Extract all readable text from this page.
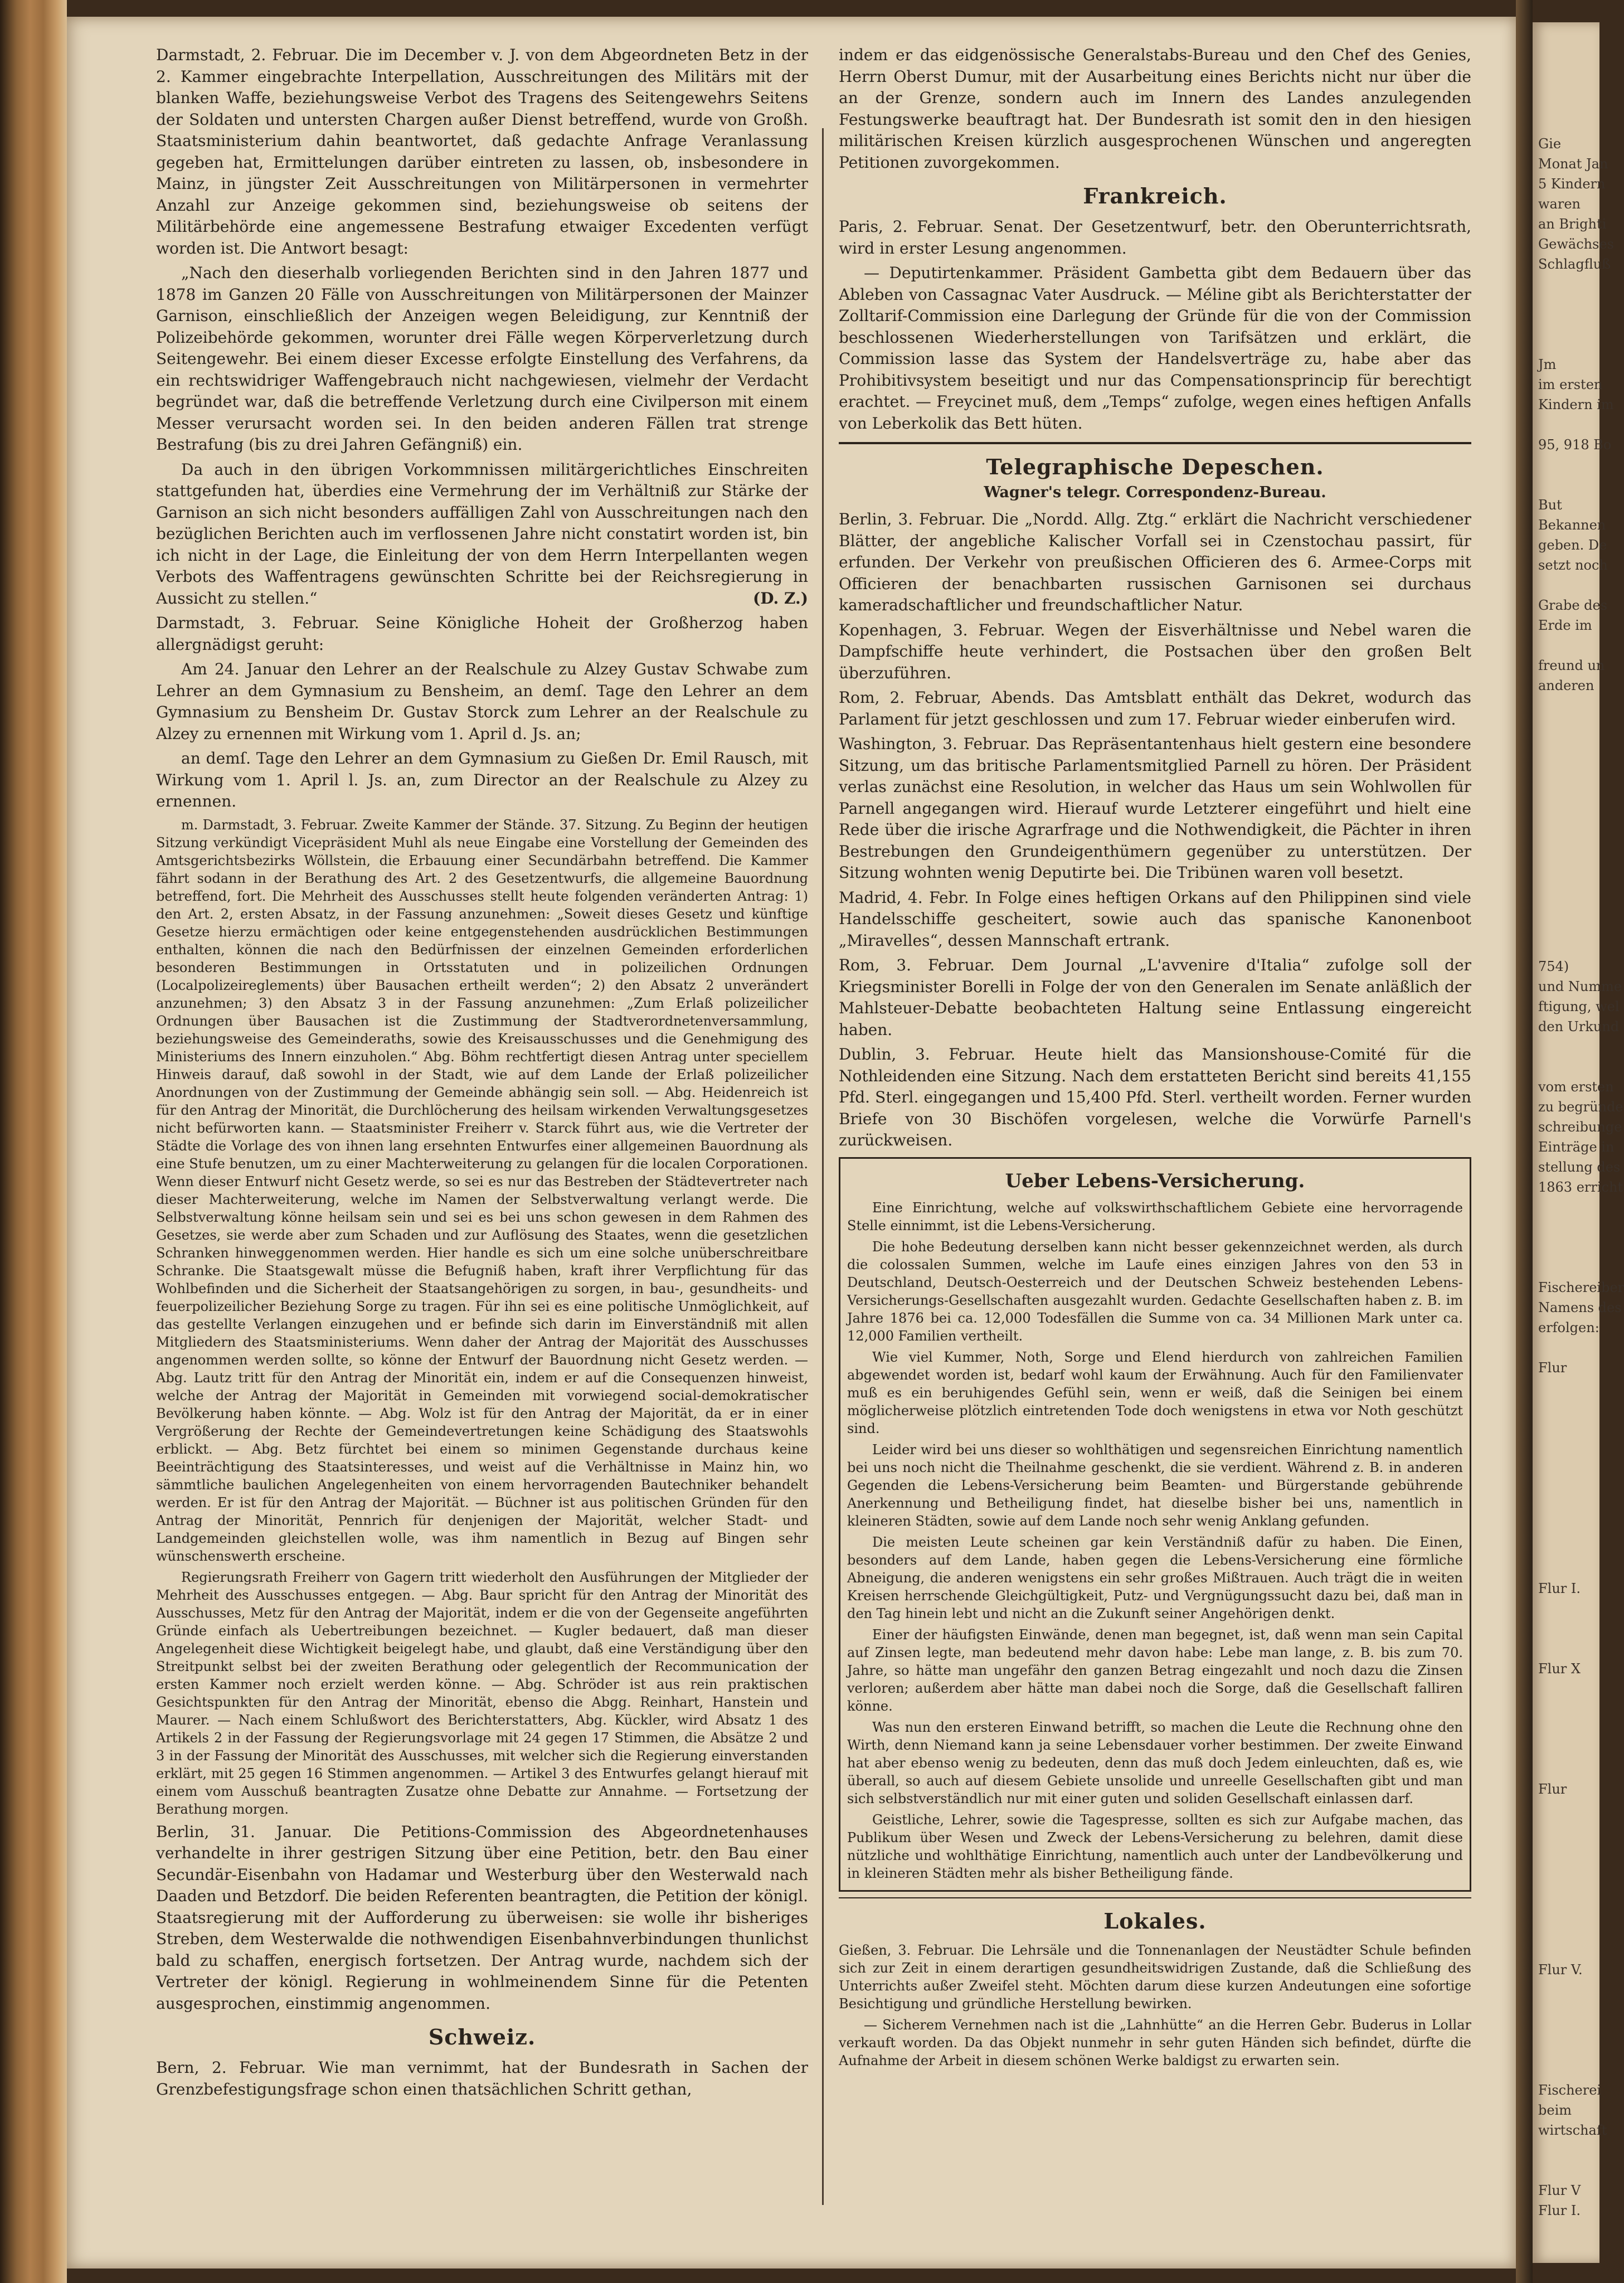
Darmstadt, 2. Februar. Die im December v. J. von dem Abgeordneten Betz in der 2. Kammer eingebrachte Interpellation, Ausschreitungen des Militärs mit der blanken Waffe, beziehungsweise Verbot des Tragens des Seitengewehrs Seitens der Soldaten und untersten Chargen außer Dienst betreffend, wurde von Großh. Staatsministerium dahin beantwortet, daß gedachte Anfrage Veranlassung gegeben hat, Ermittelungen darüber eintreten zu lassen, ob, insbesondere in Mainz, in jüngster Zeit Ausschreitungen von Militärpersonen in vermehrter Anzahl zur Anzeige gekommen sind, beziehungsweise ob seitens der Militärbehörde eine angemessene Bestrafung etwaiger Excedenten verfügt worden ist. Die Antwort besagt:

„Nach den dieserhalb vorliegenden Berichten sind in den Jahren 1877 und 1878 im Ganzen 20 Fälle von Ausschreitungen von Militärpersonen der Mainzer Garnison, einschließlich der Anzeigen wegen Beleidigung, zur Kenntniß der Polizeibehörde gekommen, worunter drei Fälle wegen Körperverletzung durch Seitengewehr. Bei einem dieser Excesse erfolgte Einstellung des Verfahrens, da ein rechtswidriger Waffengebrauch nicht nachgewiesen, vielmehr der Verdacht begründet war, daß die betreffende Verletzung durch eine Civilperson mit einem Messer verursacht worden sei. In den beiden anderen Fällen trat strenge Bestrafung (bis zu drei Jahren Gefängniß) ein.

Da auch in den übrigen Vorkommnissen militärgerichtliches Einschreiten stattgefunden hat, überdies eine Vermehrung der im Verhältniß zur Stärke der Garnison an sich nicht besonders auffälligen Zahl von Ausschreitungen nach den bezüglichen Berichten auch im verflossenen Jahre nicht constatirt worden ist, bin ich nicht in der Lage, die Einleitung der von dem Herrn Interpellanten wegen Verbots des Waffentragens gewünschten Schritte bei der Reichsregierung in Aussicht zu stellen.“	(D. Z.)

Darmstadt, 3. Februar. Seine Königliche Hoheit der Großherzog haben allergnädigst geruht:

Am 24. Januar den Lehrer an der Realschule zu Alzey Gustav Schwabe zum Lehrer an dem Gymnasium zu Bensheim, an demſ. Tage den Lehrer an dem Gymnasium zu Bensheim Dr. Gustav Storck zum Lehrer an der Realschule zu Alzey zu ernennen mit Wirkung vom 1. April d. Js. an;

an demſ. Tage den Lehrer an dem Gymnasium zu Gießen Dr. Emil Rausch, mit Wirkung vom 1. April l. Js. an, zum Director an der Realschule zu Alzey zu ernennen.

m. Darmstadt, 3. Februar. Zweite Kammer der Stände. 37. Sitzung. Zu Beginn der heutigen Sitzung verkündigt Vicepräsident Muhl als neue Eingabe eine Vorstellung der Gemeinden des Amtsgerichtsbezirks Wöllstein, die Erbauung einer Secundärbahn betreffend. Die Kammer fährt sodann in der Berathung des Art. 2 des Gesetzentwurfs, die allgemeine Bauordnung betreffend, fort. Die Mehrheit des Ausschusses stellt heute folgenden veränderten Antrag: 1) den Art. 2, ersten Absatz, in der Fassung anzunehmen: „Soweit dieses Gesetz und künftige Gesetze hierzu ermächtigen oder keine entgegenstehenden ausdrücklichen Bestimmungen enthalten, können die nach den Bedürfnissen der einzelnen Gemeinden erforderlichen besonderen Bestimmungen in Ortsstatuten und in polizeilichen Ordnungen (Localpolizeireglements) über Bausachen ertheilt werden“; 2) den Absatz 2 unverändert anzunehmen; 3) den Absatz 3 in der Fassung anzunehmen: „Zum Erlaß polizeilicher Ordnungen über Bausachen ist die Zustimmung der Stadtverordnetenversammlung, beziehungsweise des Gemeinderaths, sowie des Kreisausschusses und die Genehmigung des Ministeriums des Innern einzuholen.“ Abg. Böhm rechtfertigt diesen Antrag unter speciellem Hinweis darauf, daß sowohl in der Stadt, wie auf dem Lande der Erlaß polizeilicher Anordnungen von der Zustimmung der Gemeinde abhängig sein soll. — Abg. Heidenreich ist für den Antrag der Minorität, die Durchlöcherung des heilsam wirkenden Verwaltungsgesetzes nicht befürworten kann. — Staatsminister Freiherr v. Starck führt aus, wie die Vertreter der Städte die Vorlage des von ihnen lang ersehnten Entwurfes einer allgemeinen Bauordnung als eine Stufe benutzen, um zu einer Machterweiterung zu gelangen für die localen Corporationen. Wenn dieser Entwurf nicht Gesetz werde, so sei es nur das Bestreben der Städtevertreter nach dieser Machterweiterung, welche im Namen der Selbstverwaltung verlangt werde. Die Selbstverwaltung könne heilsam sein und sei es bei uns schon gewesen in dem Rahmen des Gesetzes, sie werde aber zum Schaden und zur Auflösung des Staates, wenn die gesetzlichen Schranken hinweggenommen werden. Hier handle es sich um eine solche unüberschreitbare Schranke. Die Staatsgewalt müsse die Befugniß haben, kraft ihrer Verpflichtung für das Wohlbefinden und die Sicherheit der Staatsangehörigen zu sorgen, in bau-, gesundheits- und feuerpolizeilicher Beziehung Sorge zu tragen. Für ihn sei es eine politische Unmöglichkeit, auf das gestellte Verlangen einzugehen und er befinde sich darin im Einverständniß mit allen Mitgliedern des Staatsministeriums. Wenn daher der Antrag der Majorität des Ausschusses angenommen werden sollte, so könne der Entwurf der Bauordnung nicht Gesetz werden. — Abg. Lautz tritt für den Antrag der Minorität ein, indem er auf die Consequenzen hinweist, welche der Antrag der Majorität in Gemeinden mit vorwiegend social-demokratischer Bevölkerung haben könnte. — Abg. Wolz ist für den Antrag der Majorität, da er in einer Vergrößerung der Rechte der Gemeindevertretungen keine Schädigung des Staatswohls erblickt. — Abg. Betz fürchtet bei einem so minimen Gegenstande durchaus keine Beeinträchtigung des Staatsinteresses, und weist auf die Verhältnisse in Mainz hin, wo sämmtliche baulichen Angelegenheiten von einem hervorragenden Bautechniker behandelt werden. Er ist für den Antrag der Majorität. — Büchner ist aus politischen Gründen für den Antrag der Minorität, Pennrich für denjenigen der Majorität, welcher Stadt- und Landgemeinden gleichstellen wolle, was ihm namentlich in Bezug auf Bingen sehr wünschenswerth erscheine.

Regierungsrath Freiherr von Gagern tritt wiederholt den Ausführungen der Mitglieder der Mehrheit des Ausschusses entgegen. — Abg. Baur spricht für den Antrag der Minorität des Ausschusses, Metz für den Antrag der Majorität, indem er die von der Gegenseite angeführten Gründe einfach als Uebertreibungen bezeichnet. — Kugler bedauert, daß man dieser Angelegenheit diese Wichtigkeit beigelegt habe, und glaubt, daß eine Verständigung über den Streitpunkt selbst bei der zweiten Berathung oder gelegentlich der Recommunication der ersten Kammer noch erzielt werden könne. — Abg. Schröder ist aus rein praktischen Gesichtspunkten für den Antrag der Minorität, ebenso die Abgg. Reinhart, Hanstein und Maurer. — Nach einem Schlußwort des Berichterstatters, Abg. Kückler, wird Absatz 1 des Artikels 2 in der Fassung der Regierungsvorlage mit 24 gegen 17 Stimmen, die Absätze 2 und 3 in der Fassung der Minorität des Ausschusses, mit welcher sich die Regierung einverstanden erklärt, mit 25 gegen 16 Stimmen angenommen. — Artikel 3 des Entwurfes gelangt hierauf mit einem vom Ausschuß beantragten Zusatze ohne Debatte zur Annahme. — Fortsetzung der Berathung morgen.

Berlin, 31. Januar. Die Petitions-Commission des Abgeordnetenhauses verhandelte in ihrer gestrigen Sitzung über eine Petition, betr. den Bau einer Secundär-Eisenbahn von Hadamar und Westerburg über den Westerwald nach Daaden und Betzdorf. Die beiden Referenten beantragten, die Petition der königl. Staatsregierung mit der Aufforderung zu überweisen: sie wolle ihr bisheriges Streben, dem Westerwalde die nothwendigen Eisenbahnverbindungen thunlichst bald zu schaffen, energisch fortsetzen. Der Antrag wurde, nachdem sich der Vertreter der königl. Regierung in wohlmeinendem Sinne für die Petenten ausgesprochen, einstimmig angenommen.

Schweiz.

Bern, 2. Februar. Wie man vernimmt, hat der Bundesrath in Sachen der Grenzbefestigungsfrage schon einen thatsächlichen Schritt gethan,

indem er das eidgenössische Generalstabs-Bureau und den Chef des Genies, Herrn Oberst Dumur, mit der Ausarbeitung eines Berichts nicht nur über die an der Grenze, sondern auch im Innern des Landes anzulegenden Festungswerke beauftragt hat. Der Bundesrath ist somit den in den hiesigen militärischen Kreisen kürzlich ausgesprochenen Wünschen und angeregten Petitionen zuvorgekommen.

Frankreich.

Paris, 2. Februar. Senat. Der Gesetzentwurf, betr. den Oberunterrichtsrath, wird in erster Lesung angenommen.

— Deputirtenkammer. Präsident Gambetta gibt dem Bedauern über das Ableben von Cassagnac Vater Ausdruck. — Méline gibt als Berichterstatter der Zolltarif-Commission eine Darlegung der Gründe für die von der Commission beschlossenen Wiederherstellungen von Tarifsätzen und erklärt, die Commission lasse das System der Handelsverträge zu, habe aber das Prohibitivsystem beseitigt und nur das Compensationsprincip für berechtigt erachtet. — Freycinet muß, dem „Temps“ zufolge, wegen eines heftigen Anfalls von Leberkolik das Bett hüten.

Telegraphische Depeschen.
Wagner's telegr. Correspondenz-Bureau.

Berlin, 3. Februar. Die „Nordd. Allg. Ztg.“ erklärt die Nachricht verschiedener Blätter, der angebliche Kalischer Vorfall sei in Czenstochau passirt, für erfunden. Der Verkehr von preußischen Officieren des 6. Armee-Corps mit Officieren der benachbarten russischen Garnisonen sei durchaus kameradschaftlicher und freundschaftlicher Natur.

Kopenhagen, 3. Februar. Wegen der Eisverhältnisse und Nebel waren die Dampfschiffe heute verhindert, die Postsachen über den großen Belt überzuführen.

Rom, 2. Februar, Abends. Das Amtsblatt enthält das Dekret, wodurch das Parlament für jetzt geschlossen und zum 17. Februar wieder einberufen wird.

Washington, 3. Februar. Das Repräsentantenhaus hielt gestern eine besondere Sitzung, um das britische Parlamentsmitglied Parnell zu hören. Der Präsident verlas zunächst eine Resolution, in welcher das Haus um sein Wohlwollen für Parnell angegangen wird. Hierauf wurde Letzterer eingeführt und hielt eine Rede über die irische Agrarfrage und die Nothwendigkeit, die Pächter in ihren Bestrebungen den Grundeigenthümern gegenüber zu unterstützen. Der Sitzung wohnten wenig Deputirte bei. Die Tribünen waren voll besetzt.

Madrid, 4. Febr. In Folge eines heftigen Orkans auf den Philippinen sind viele Handelsschiffe gescheitert, sowie auch das spanische Kanonenboot „Miravelles“, dessen Mannschaft ertrank.

Rom, 3. Februar. Dem Journal „L'avvenire d'Italia“ zufolge soll der Kriegsminister Borelli in Folge der von den Generalen im Senate anläßlich der Mahlsteuer-Debatte beobachteten Haltung seine Entlassung eingereicht haben.

Dublin, 3. Februar. Heute hielt das Mansionshouse-Comité für die Nothleidenden eine Sitzung. Nach dem erstatteten Bericht sind bereits 41,155 Pfd. Sterl. eingegangen und 15,400 Pfd. Sterl. vertheilt worden. Ferner wurden Briefe von 30 Bischöfen vorgelesen, welche die Vorwürfe Parnell's zurückweisen.

Ueber Lebens-Versicherung.

Eine Einrichtung, welche auf volkswirthschaftlichem Gebiete eine hervorragende Stelle einnimmt, ist die Lebens-Versicherung.

Die hohe Bedeutung derselben kann nicht besser gekennzeichnet werden, als durch die colossalen Summen, welche im Laufe eines einzigen Jahres von den 53 in Deutschland, Deutsch-Oesterreich und der Deutschen Schweiz bestehenden Lebens-Versicherungs-Gesellschaften ausgezahlt wurden. Gedachte Gesellschaften haben z. B. im Jahre 1876 bei ca. 12,000 Todesfällen die Summe von ca. 34 Millionen Mark unter ca. 12,000 Familien vertheilt.

Wie viel Kummer, Noth, Sorge und Elend hierdurch von zahlreichen Familien abgewendet worden ist, bedarf wohl kaum der Erwähnung. Auch für den Familienvater muß es ein beruhigendes Gefühl sein, wenn er weiß, daß die Seinigen bei einem möglicherweise plötzlich eintretenden Tode doch wenigstens in etwa vor Noth geschützt sind.

Leider wird bei uns dieser so wohlthätigen und segensreichen Einrichtung namentlich bei uns noch nicht die Theilnahme geschenkt, die sie verdient. Während z. B. in anderen Gegenden die Lebens-Versicherung beim Beamten- und Bürgerstande gebührende Anerkennung und Betheiligung findet, hat dieselbe bisher bei uns, namentlich in kleineren Städten, sowie auf dem Lande noch sehr wenig Anklang gefunden.

Die meisten Leute scheinen gar kein Verständniß dafür zu haben. Die Einen, besonders auf dem Lande, haben gegen die Lebens-Versicherung eine förmliche Abneigung, die anderen wenigstens ein sehr großes Mißtrauen. Auch trägt die in weiten Kreisen herrschende Gleichgültigkeit, Putz- und Vergnügungssucht dazu bei, daß man in den Tag hinein lebt und nicht an die Zukunft seiner Angehörigen denkt.

Einer der häufigsten Einwände, denen man begegnet, ist, daß wenn man sein Capital auf Zinsen legte, man bedeutend mehr davon habe: Lebe man lange, z. B. bis zum 70. Jahre, so hätte man ungefähr den ganzen Betrag eingezahlt und noch dazu die Zinsen verloren; außerdem aber hätte man dabei noch die Sorge, daß die Gesellschaft falliren könne.

Was nun den ersteren Einwand betrifft, so machen die Leute die Rechnung ohne den Wirth, denn Niemand kann ja seine Lebensdauer vorher bestimmen. Der zweite Einwand hat aber ebenso wenig zu bedeuten, denn das muß doch Jedem einleuchten, daß es, wie überall, so auch auf diesem Gebiete unsolide und unreelle Gesellschaften gibt und man sich selbstverständlich nur mit einer guten und soliden Gesellschaft einlassen darf.

Geistliche, Lehrer, sowie die Tagespresse, sollten es sich zur Aufgabe machen, das Publikum über Wesen und Zweck der Lebens-Versicherung zu belehren, damit diese nützliche und wohlthätige Einrichtung, namentlich auch unter der Landbevölkerung und in kleineren Städten mehr als bisher Betheiligung fände.

Lokales.

Gießen, 3. Februar. Die Lehrsäle und die Tonnenanlagen der Neustädter Schule befinden sich zur Zeit in einem derartigen gesundheitswidrigen Zustande, daß die Schließung des Unterrichts außer Zweifel steht. Möchten darum diese kurzen Andeutungen eine sofortige Besichtigung und gründliche Herstellung bewirken.

— Sicherem Vernehmen nach ist die „Lahnhütte“ an die Herren Gebr. Buderus in Lollar verkauft worden. Da das Objekt nunmehr in sehr guten Händen sich befindet, dürfte die Aufnahme der Arbeit in diesem schönen Werke baldigst zu erwarten sein.

Gie
Monat Jan
5 Kindern
waren
an Brighti
Gewächses
Schlagfluß

Jm
im ersten
Kindern im

95, 918 Bo

But
Bekannen
geben. De
setzt noch

Grabe des
Erde im

freund un
anderen

754)
und Numme
ftigung, wel
den Urkund

vom ersten
zu begründe
schreibunge
Einträge in
stellung des
1863 erricht

Fischereiber
Namens des
erfolgen:

Flur

Flur I.

Flur X

Flur

Flur V.

Fischerei
beim
wirtschaft

Flur V
Flur I.
